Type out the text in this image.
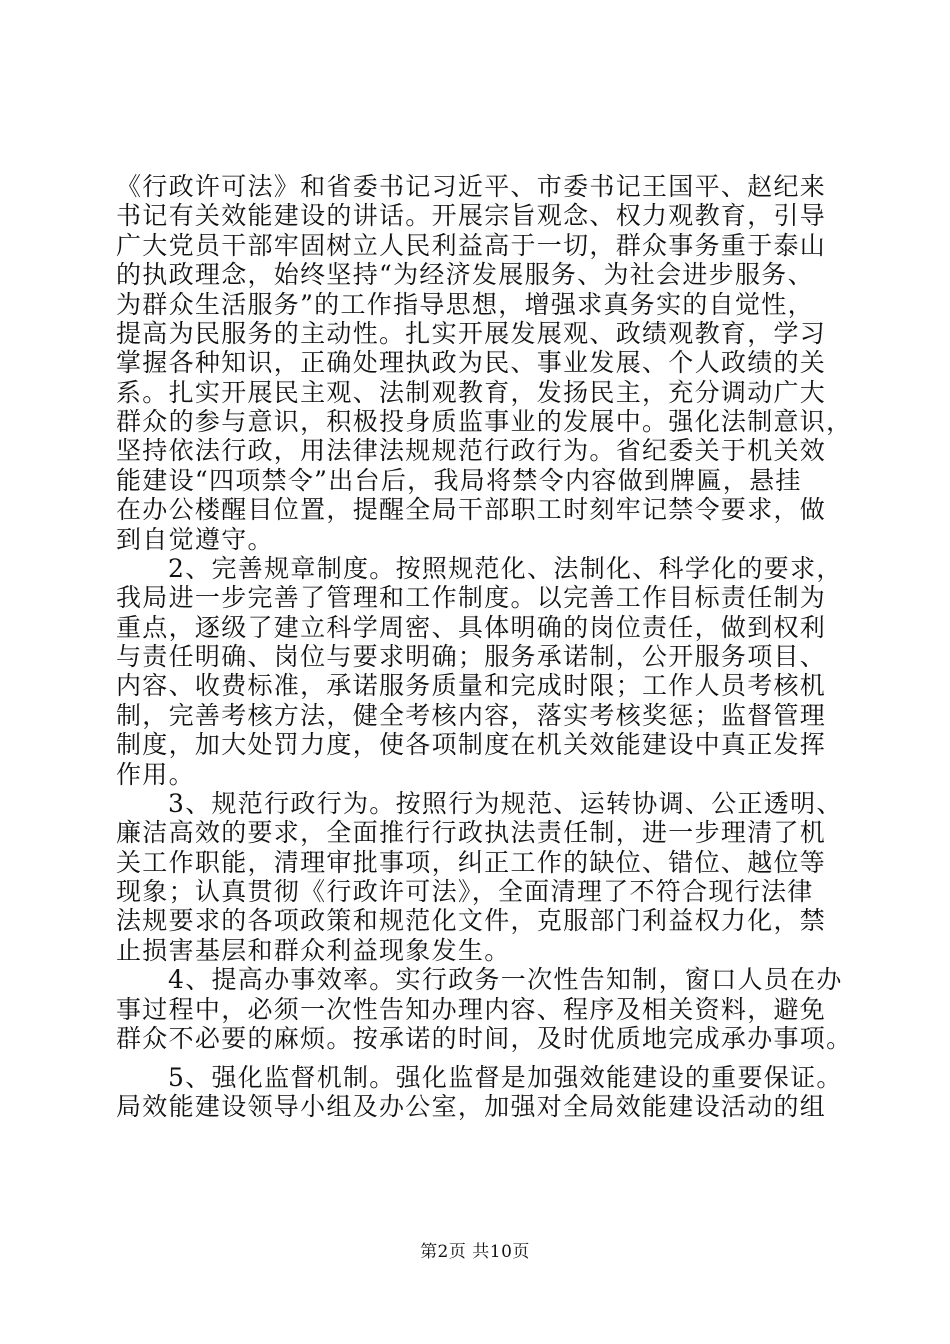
《行政许可法》和省委书记习近平、市委书记王国平、赵纪来
书记有关效能建设的讲话。开展宗旨观念、权力观教育，引导
广大党员干部牢固树立人民利益高于一切，群众事务重于泰山
的执政理念，始终坚持“为经济发展服务、为社会进步服务、
为群众生活服务”的工作指导思想，增强求真务实的自觉性，
提高为民服务的主动性。扎实开展发展观、政绩观教育，学习
掌握各种知识，正确处理执政为民、事业发展、个人政绩的关
系。扎实开展民主观、法制观教育，发扬民主，充分调动广大
群众的参与意识，积极投身质监事业的发展中。强化法制意识，
坚持依法行政，用法律法规规范行政行为。省纪委关于机关效
能建设“四项禁令”出台后，我局将禁令内容做到牌匾，悬挂
在办公楼醒目位置，提醒全局干部职工时刻牢记禁令要求，做
到自觉遵守。
2、完善规章制度。按照规范化、法制化、科学化的要求，
我局进一步完善了管理和工作制度。以完善工作目标责任制为
重点，逐级了建立科学周密、具体明确的岗位责任，做到权利
与责任明确、岗位与要求明确；服务承诺制，公开服务项目、
内容、收费标准，承诺服务质量和完成时限；工作人员考核机
制，完善考核方法，健全考核内容，落实考核奖惩；监督管理
制度，加大处罚力度，使各项制度在机关效能建设中真正发挥
作用。
3、规范行政行为。按照行为规范、运转协调、公正透明、
廉洁高效的要求，全面推行行政执法责任制，进一步理清了机
关工作职能，清理审批事项，纠正工作的缺位、错位、越位等
现象；认真贯彻《行政许可法》，全面清理了不符合现行法律
法规要求的各项政策和规范化文件，克服部门利益权力化，禁
止损害基层和群众利益现象发生。
4、提高办事效率。实行政务一次性告知制，窗口人员在办
事过程中，必须一次性告知办理内容、程序及相关资料，避免
群众不必要的麻烦。按承诺的时间，及时优质地完成承办事项。
5、强化监督机制。强化监督是加强效能建设的重要保证。
局效能建设领导小组及办公室，加强对全局效能建设活动的组
第2页 共10页
